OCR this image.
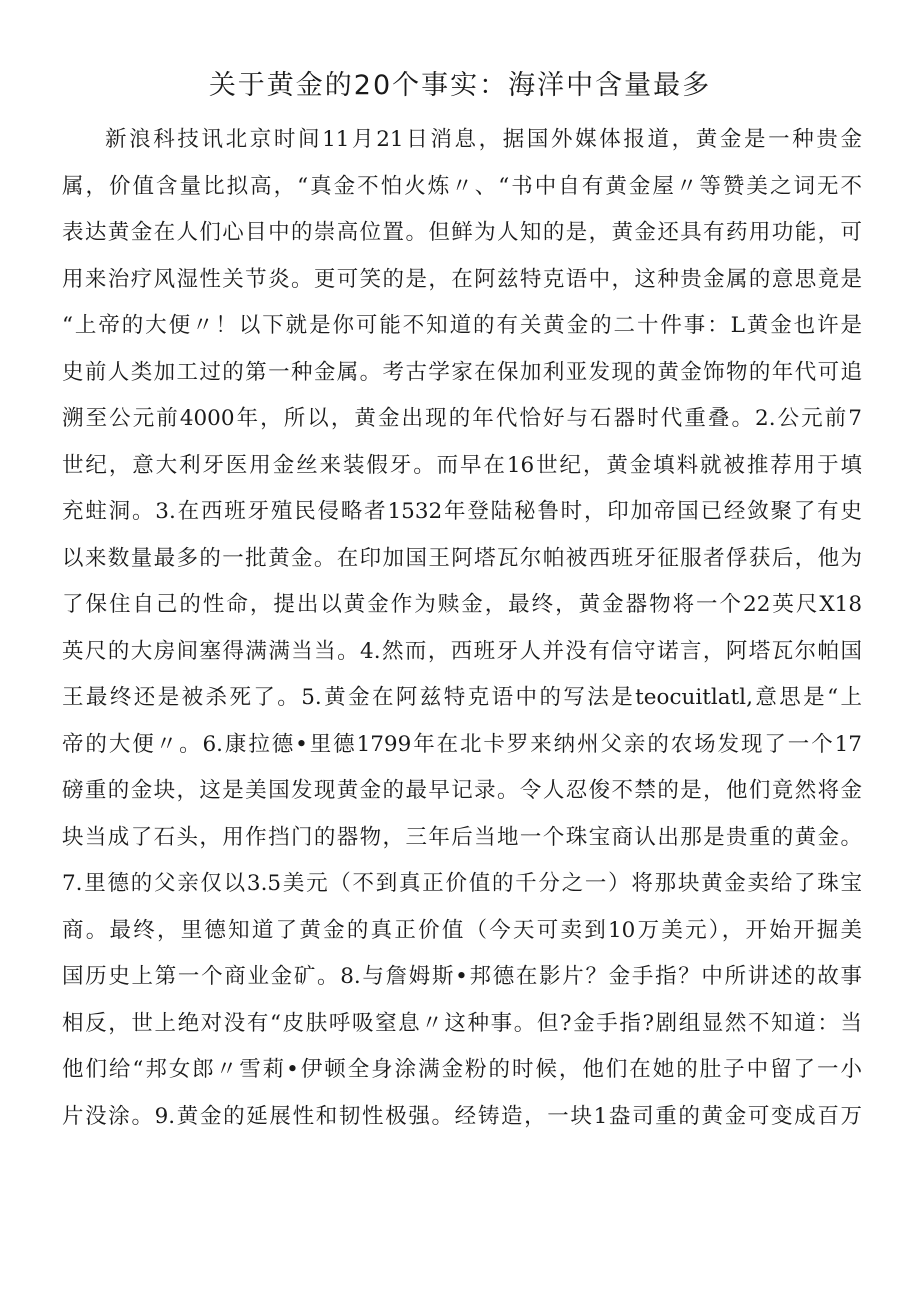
关于黄金的20个事实：海洋中含量最多
新浪科技讯北京时间11月21日消息，据国外媒体报道，黄金是一种贵金
属，价值含量比拟高，“真金不怕火炼〃、“书中自有黄金屋〃等赞美之词无不
表达黄金在人们心目中的崇高位置。但鲜为人知的是，黄金还具有药用功能，可
用来治疗风湿性关节炎。更可笑的是，在阿兹特克语中，这种贵金属的意思竟是
“上帝的大便〃！以下就是你可能不知道的有关黄金的二十件事：L黄金也许是
史前人类加工过的第一种金属。考古学家在保加利亚发现的黄金饰物的年代可追
溯至公元前4000年，所以，黄金出现的年代恰好与石器时代重叠。2.公元前7
世纪，意大利牙医用金丝来装假牙。而早在16世纪，黄金填料就被推荐用于填
充蛀洞。3.在西班牙殖民侵略者1532年登陆秘鲁时，印加帝国已经敛聚了有史
以来数量最多的一批黄金。在印加国王阿塔瓦尔帕被西班牙征服者俘获后，他为
了保住自己的性命，提出以黄金作为赎金，最终，黄金器物将一个22英尺X18
英尺的大房间塞得满满当当。4.然而，西班牙人并没有信守诺言，阿塔瓦尔帕国
王最终还是被杀死了。5.黄金在阿兹特克语中的写法是teocuitlatl,意思是“上
帝的大便〃。6.康拉德•里德1799年在北卡罗来纳州父亲的农场发现了一个17
磅重的金块，这是美国发现黄金的最早记录。令人忍俊不禁的是，他们竟然将金
块当成了石头，用作挡门的器物，三年后当地一个珠宝商认出那是贵重的黄金。
7.里德的父亲仅以3.5美元（不到真正价值的千分之一）将那块黄金卖给了珠宝
商。最终，里德知道了黄金的真正价值（今天可卖到10万美元），开始开掘美
国历史上第一个商业金矿。8.与詹姆斯•邦德在影片？金手指？中所讲述的故事
相反，世上绝对没有“皮肤呼吸窒息〃这种事。但?金手指?剧组显然不知道：当
他们给“邦女郎〃雪莉•伊顿全身涂满金粉的时候，他们在她的肚子中留了一小
片没涂。9.黄金的延展性和韧性极强。经铸造，一块1盎司重的黄金可变成百万
